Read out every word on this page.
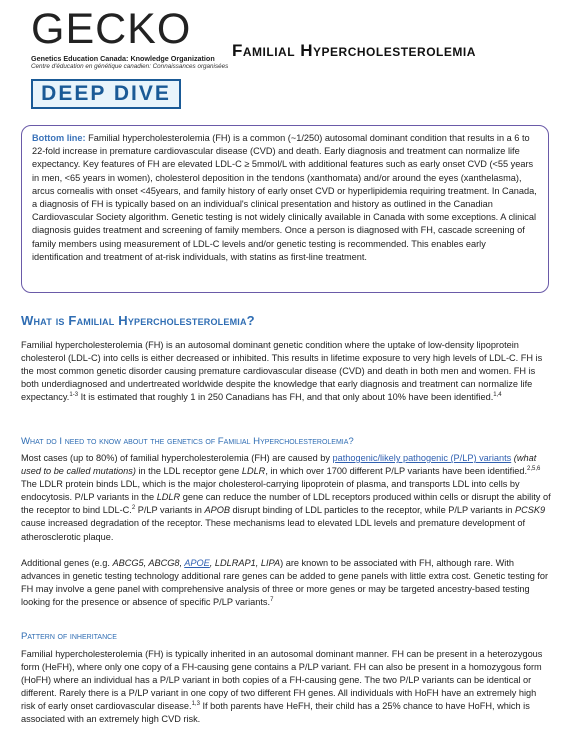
GECKO
Genetics Education Canada: Knowledge Organization
Centre d'éducation en génétique canadien: Connaissances organisées
DEEP DIVE
Familial Hypercholesterolemia
Bottom line: Familial hypercholesterolemia (FH) is a common (~1/250) autosomal dominant condition that results in a 6 to 22-fold increase in premature cardiovascular disease (CVD) and death. Early diagnosis and treatment can normalize life expectancy. Key features of FH are elevated LDL-C ≥ 5mmol/L with additional features such as early onset CVD (<55 years in men, <65 years in women), cholesterol deposition in the tendons (xanthomata) and/or around the eyes (xanthelasma), arcus cornealis with onset <45years, and family history of early onset CVD or hyperlipidemia requiring treatment. In Canada, a diagnosis of FH is typically based on an individual's clinical presentation and history as outlined in the Canadian Cardiovascular Society algorithm. Genetic testing is not widely clinically available in Canada with some exceptions. A clinical diagnosis guides treatment and screening of family members. Once a person is diagnosed with FH, cascade screening of family members using measurement of LDL-C levels and/or genetic testing is recommended. This enables early identification and treatment of at-risk individuals, with statins as first-line treatment.
What is Familial Hypercholesterolemia?
Familial hypercholesterolemia (FH) is an autosomal dominant genetic condition where the uptake of low-density lipoprotein cholesterol (LDL-C) into cells is either decreased or inhibited. This results in lifetime exposure to very high levels of LDL-C. FH is the most common genetic disorder causing premature cardiovascular disease (CVD) and death in both men and women. FH is both underdiagnosed and undertreated worldwide despite the knowledge that early diagnosis and treatment can normalize life expectancy.$^{1-3}$ It is estimated that roughly 1 in 250 Canadians has FH, and that only about 10% have been identified.$^{1,4}$
What do I need to know about the genetics of Familial Hypercholesterolemia?
Most cases (up to 80%) of familial hypercholesterolemia (FH) are caused by pathogenic/likely pathogenic (P/LP) variants (what used to be called mutations) in the LDL receptor gene LDLR, in which over 1700 different P/LP variants have been identified.$^{2,5,6}$ The LDLR protein binds LDL, which is the major cholesterol-carrying lipoprotein of plasma, and transports LDL into cells by endocytosis. P/LP variants in the LDLR gene can reduce the number of LDL receptors produced within cells or disrupt the ability of the receptor to bind LDL-C.$^2$ P/LP variants in APOB disrupt binding of LDL particles to the receptor, while P/LP variants in PCSK9 cause increased degradation of the receptor. These mechanisms lead to elevated LDL levels and premature development of atherosclerotic plaque.
Additional genes (e.g. ABCG5, ABCG8, APOE, LDLRAP1, LIPA) are known to be associated with FH, although rare. With advances in genetic testing technology additional rare genes can be added to gene panels with little extra cost. Genetic testing for FH may involve a gene panel with comprehensive analysis of three or more genes or may be targeted ancestry-based testing looking for the presence or absence of specific P/LP variants.$^7$
Pattern of inheritance
Familial hypercholesterolemia (FH) is typically inherited in an autosomal dominant manner. FH can be present in a heterozygous form (HeFH), where only one copy of a FH-causing gene contains a P/LP variant. FH can also be present in a homozygous form (HoFH) where an individual has a P/LP variant in both copies of a FH-causing gene. The two P/LP variants can be identical or different. Rarely there is a P/LP variant in one copy of two different FH genes. All individuals with HoFH have an extremely high risk of early onset cardiovascular disease.$^{1,3}$ If both parents have HeFH, their child has a 25% chance to have HoFH, which is associated with an extremely high CVD risk.
